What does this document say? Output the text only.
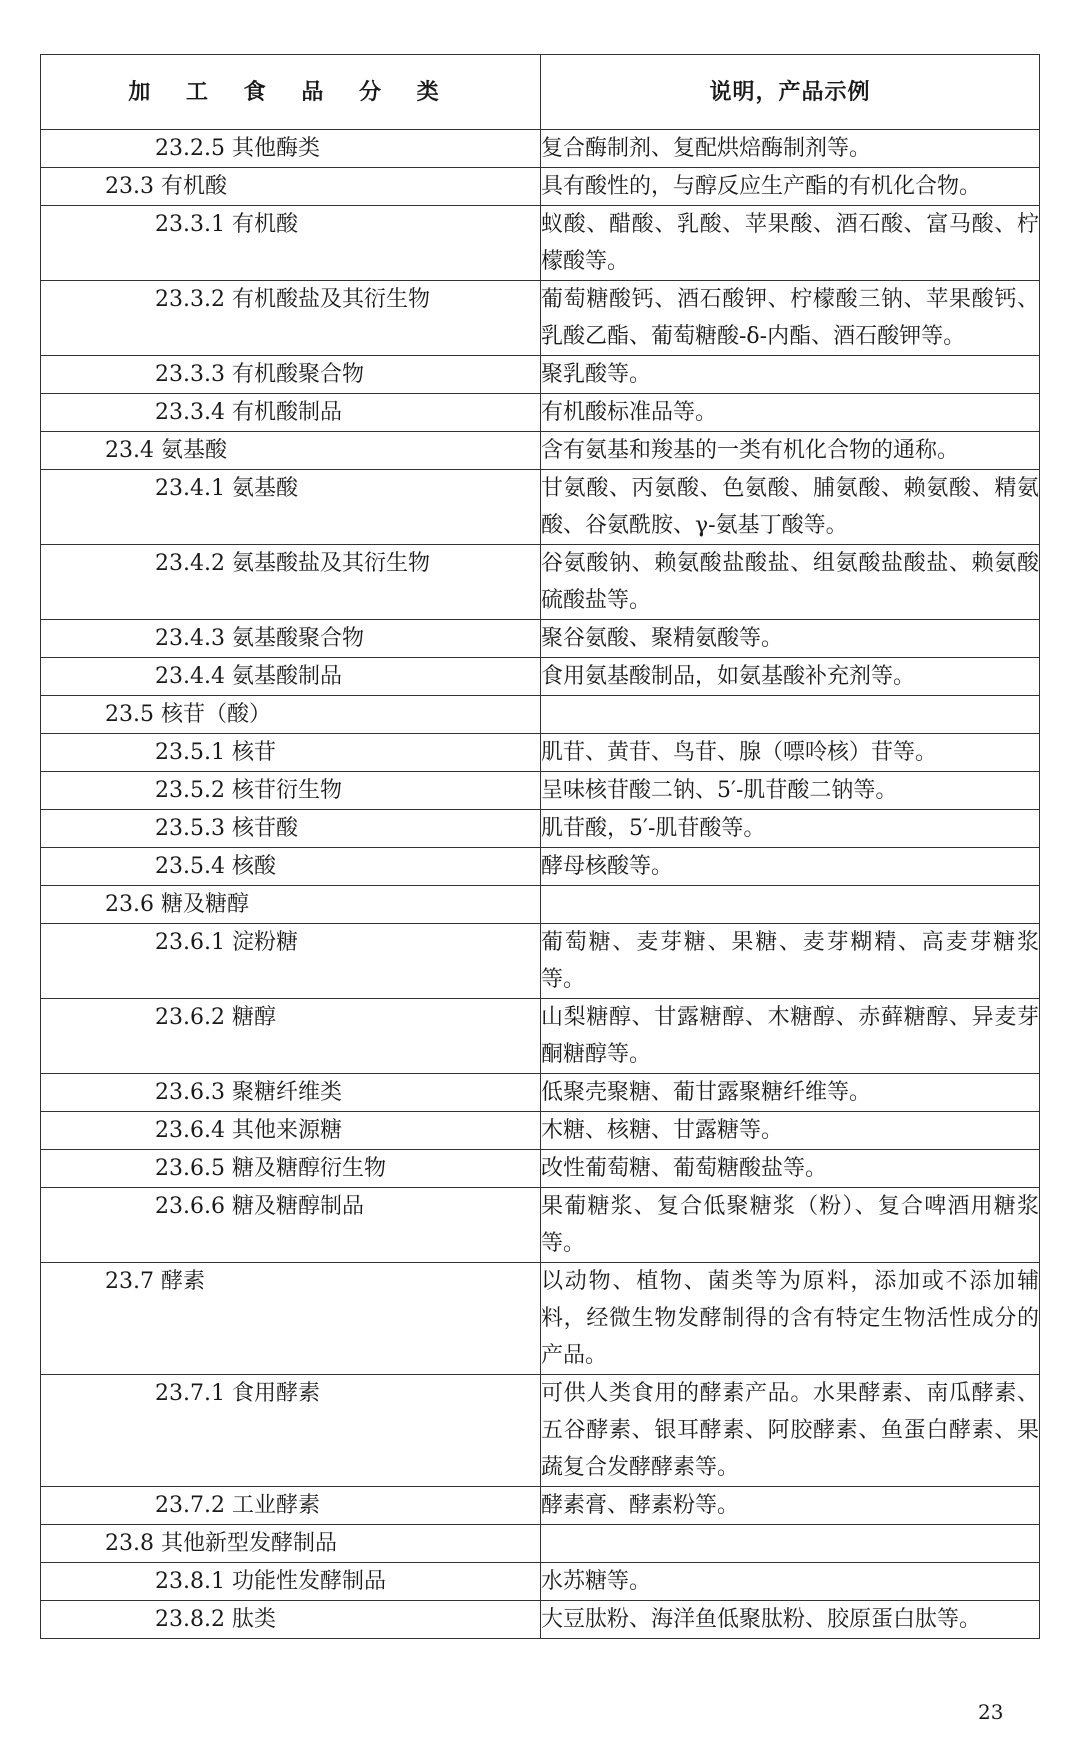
加 工 食 品 分 类	说明，产品示例
23.2.5 其他酶类	复合酶制剂、复配烘焙酶制剂等。
23.3 有机酸	具有酸性的，与醇反应生产酯的有机化合物。
23.3.1 有机酸	蚁酸、醋酸、乳酸、苹果酸、酒石酸、富马酸、柠檬酸等。
23.3.2 有机酸盐及其衍生物	葡萄糖酸钙、酒石酸钾、柠檬酸三钠、苹果酸钙、乳酸乙酯、葡萄糖酸-δ-内酯、酒石酸钾等。
23.3.3 有机酸聚合物	聚乳酸等。
23.3.4 有机酸制品	有机酸标准品等。
23.4 氨基酸	含有氨基和羧基的一类有机化合物的通称。
23.4.1 氨基酸	甘氨酸、丙氨酸、色氨酸、脯氨酸、赖氨酸、精氨酸、谷氨酰胺、γ-氨基丁酸等。
23.4.2 氨基酸盐及其衍生物	谷氨酸钠、赖氨酸盐酸盐、组氨酸盐酸盐、赖氨酸硫酸盐等。
23.4.3 氨基酸聚合物	聚谷氨酸、聚精氨酸等。
23.4.4 氨基酸制品	食用氨基酸制品，如氨基酸补充剂等。
23.5 核苷（酸）	
23.5.1 核苷	肌苷、黄苷、鸟苷、腺（嘌呤核）苷等。
23.5.2 核苷衍生物	呈味核苷酸二钠、5′-肌苷酸二钠等。
23.5.3 核苷酸	肌苷酸，5′-肌苷酸等。
23.5.4 核酸	酵母核酸等。
23.6 糖及糖醇	
23.6.1 淀粉糖	葡萄糖、麦芽糖、果糖、麦芽糊精、高麦芽糖浆等。
23.6.2 糖醇	山梨糖醇、甘露糖醇、木糖醇、赤藓糖醇、异麦芽酮糖醇等。
23.6.3 聚糖纤维类	低聚壳聚糖、葡甘露聚糖纤维等。
23.6.4 其他来源糖	木糖、核糖、甘露糖等。
23.6.5 糖及糖醇衍生物	改性葡萄糖、葡萄糖酸盐等。
23.6.6 糖及糖醇制品	果葡糖浆、复合低聚糖浆（粉）、复合啤酒用糖浆等。
23.7 酵素	以动物、植物、菌类等为原料，添加或不添加辅料，经微生物发酵制得的含有特定生物活性成分的产品。
23.7.1 食用酵素	可供人类食用的酵素产品。水果酵素、南瓜酵素、五谷酵素、银耳酵素、阿胶酵素、鱼蛋白酵素、果蔬复合发酵酵素等。
23.7.2 工业酵素	酵素膏、酵素粉等。
23.8 其他新型发酵制品	
23.8.1 功能性发酵制品	水苏糖等。
23.8.2 肽类	大豆肽粉、海洋鱼低聚肽粉、胶原蛋白肽等。
23
